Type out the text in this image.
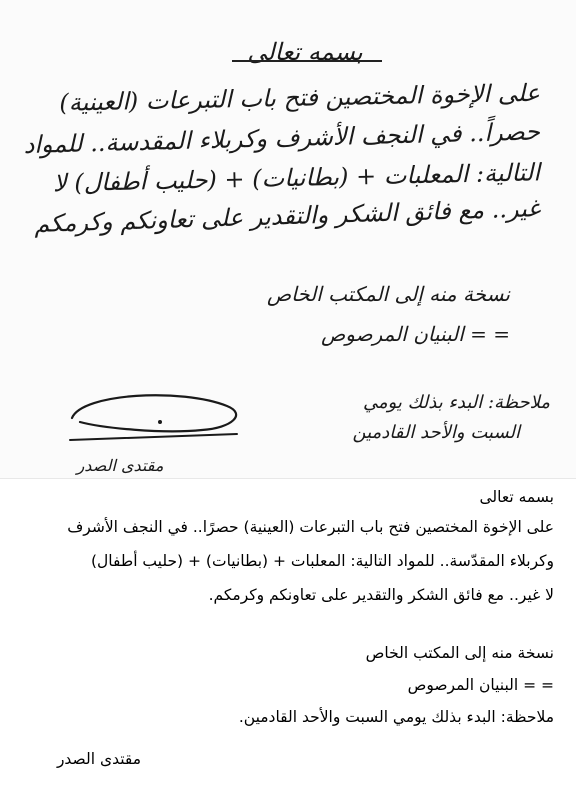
بسمه تعالى
على الإخوة المختصين فتح باب التبرعات (العينية)
حصراً.. في النجف الأشرف وكربلاء المقدسة.. للمواد
التالية: المعلبات + (بطانيات) + (حليب أطفال) لا
غير.. مع فائق الشكر والتقدير على تعاونكم وكرمكم
نسخة منه إلى المكتب الخاص
= = البنيان المرصوص
ملاحظة: البدء بذلك يومي
السبت والأحد القادمين
مقتدى الصدر
بسمه تعالى
على الإخوة المختصين فتح باب التبرعات (العينية) حصرًا.. في النجف الأشرف
وكربلاء المقدّسة.. للمواد التالية: المعلبات + (بطانيات) + (حليب أطفال)
لا غير.. مع فائق الشكر والتقدير على تعاونكم وكرمكم.
نسخة منه إلى المكتب الخاص
= = البنيان المرصوص
ملاحظة: البدء بذلك يومي السبت والأحد القادمين.
مقتدى الصدر
